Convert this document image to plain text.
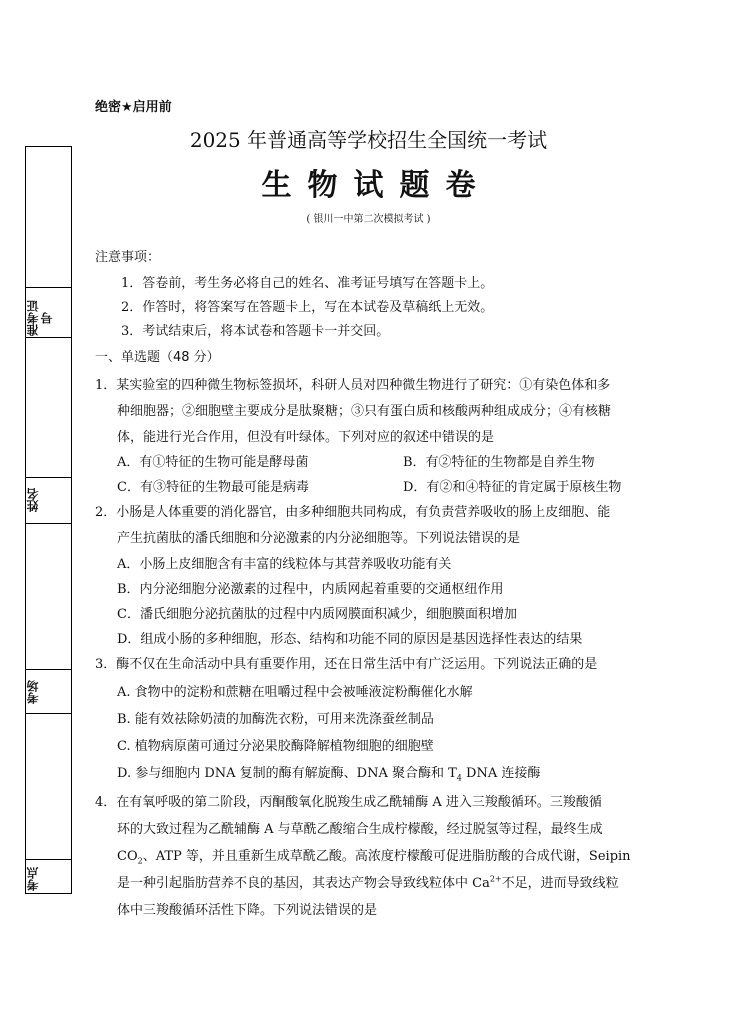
准考证号
姓名
考场
考点
绝密★启用前
2025 年普通高等学校招生全国统一考试
生物试题卷
( 银川一中第二次模拟考试 )
注意事项：
1．答卷前，考生务必将自己的姓名、准考证号填写在答题卡上。
2．作答时，将答案写在答题卡上，写在本试卷及草稿纸上无效。
3．考试结束后，将本试卷和答题卡一并交回。
一、单选题（48 分）
1．某实验室的四种微生物标签损坏，科研人员对四种微生物进行了研究：①有染色体和多
种细胞器；②细胞壁主要成分是肽聚糖；③只有蛋白质和核酸两种组成成分；④有核糖
体，能进行光合作用，但没有叶绿体。下列对应的叙述中错误的是
A．有①特征的生物可能是酵母菌	B．有②特征的生物都是自养生物
C．有③特征的生物最可能是病毒	D．有②和④特征的肯定属于原核生物
2．小肠是人体重要的消化器官，由多种细胞共同构成，有负责营养吸收的肠上皮细胞、能
产生抗菌肽的潘氏细胞和分泌激素的内分泌细胞等。下列说法错误的是
A．小肠上皮细胞含有丰富的线粒体与其营养吸收功能有关
B．内分泌细胞分泌激素的过程中，内质网起着重要的交通枢纽作用
C．潘氏细胞分泌抗菌肽的过程中内质网膜面积减少，细胞膜面积增加
D．组成小肠的多种细胞，形态、结构和功能不同的原因是基因选择性表达的结果
3．酶不仅在生命活动中具有重要作用，还在日常生活中有广泛运用。下列说法正确的是
A. 食物中的淀粉和蔗糖在咀嚼过程中会被唾液淀粉酶催化水解
B. 能有效祛除奶渍的加酶洗衣粉，可用来洗涤蚕丝制品
C. 植物病原菌可通过分泌果胶酶降解植物细胞的细胞壁
D. 参与细胞内 DNA 复制的酶有解旋酶、DNA 聚合酶和 $T_4$ DNA 连接酶
4．在有氧呼吸的第二阶段，丙酮酸氧化脱羧生成乙酰辅酶 A 进入三羧酸循环。三羧酸循
环的大致过程为乙酰辅酶 A 与草酰乙酸缩合生成柠檬酸，经过脱氢等过程，最终生成
$CO_2$、ATP 等，并且重新生成草酰乙酸。高浓度柠檬酸可促进脂肪酸的合成代谢，Seipin
是一种引起脂肪营养不良的基因，其表达产物会导致线粒体中 $Ca^{2+}$不足，进而导致线粒
体中三羧酸循环活性下降。下列说法错误的是
